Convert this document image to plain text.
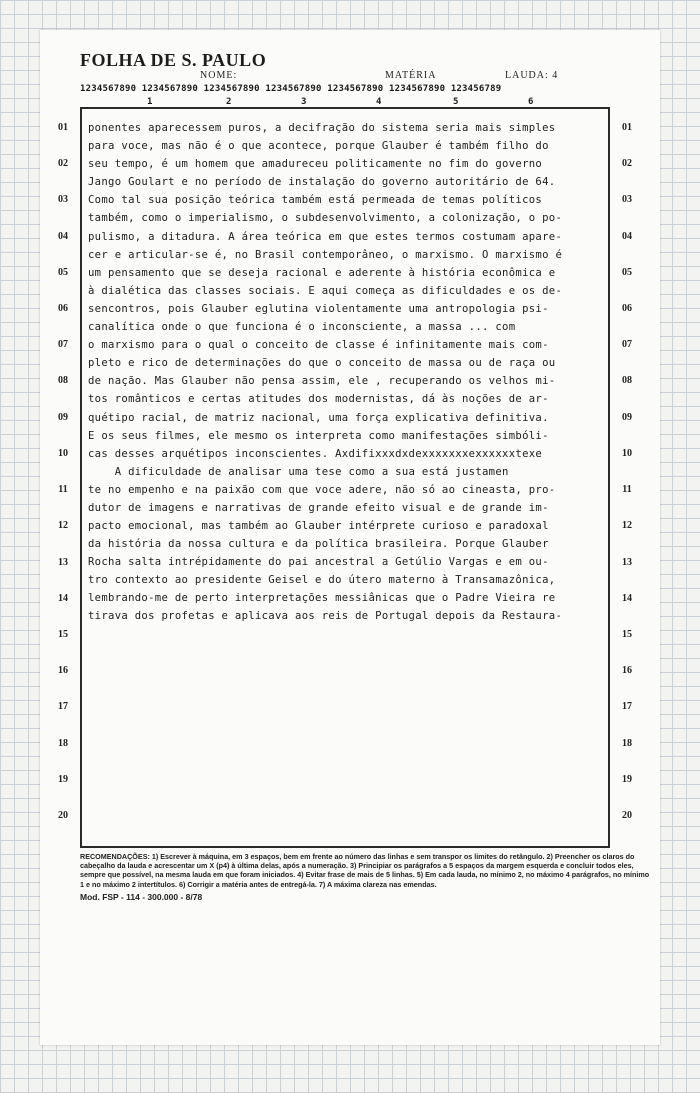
FOLHA DE S. PAULO
NOME:	MATÉRIA	LAUDA: 4
1234567890 1234567890 1234567890 1234567890 1234567890 1234567890 123456789
1	2	3	4	5	6
01
02
03
04
05
06
07
08
09
10
11
12
13
14
15
16
17
18
19
20
01
02
03
04
05
06
07
08
09
10
11
12
13
14
15
16
17
18
19
20
ponentes aparecessem puros, a decifração do sistema seria mais simples
para voce, mas não é o que acontece, porque Glauber é também filho do
seu tempo, é um homem que amadureceu politicamente no fim do governo
Jango Goulart e no período de instalação do governo autoritário de 64.
Como tal sua posição teórica também está permeada de temas políticos
também, como o imperialismo, o subdesenvolvimento, a colonização, o po-
pulismo, a ditadura. A área teórica em que estes termos costumam apare-
cer e articular-se é, no Brasil contemporâneo, o marxismo. O marxismo é
um pensamento que se deseja racional e aderente à história econômica e
à dialética das classes sociais. E aqui começa as dificuldades e os de-
sencontros, pois Glauber eglutina violentamente uma antropologia psi-
canalítica onde o que funciona é o inconsciente, a massa ... com
o marxismo para o qual o conceito de classe é infinitamente mais com-
pleto e rico de determinações do que o conceito de massa ou de raça ou
de nação. Mas Glauber não pensa assim, ele , recuperando os velhos mi-
tos românticos e certas atitudes dos modernistas, dá às noções de ar-
quétipo racial, de matriz nacional, uma força explicativa definitiva.
E os seus filmes, ele mesmo os interpreta como manifestações simbóli-
cas desses arquétipos inconscientes. Axdifixxxdxdexxxxxxxexxxxxxtexe
A dificuldade de analisar uma tese como a sua está justamen
te no empenho e na paixão com que voce adere, não só ao cineasta, pro-
dutor de imagens e narrativas de grande efeito visual e de grande im-
pacto emocional, mas também ao Glauber intérprete curioso e paradoxal
da história da nossa cultura e da política brasileira. Porque Glauber
Rocha salta intrépidamente do pai ancestral a Getúlio Vargas e em ou-
tro contexto ao presidente Geisel e do útero materno à Transamazônica,
lembrando-me de perto interpretações messiânicas que o Padre Vieira re
tirava dos profetas e aplicava aos reis de Portugal depois da Restaura-

RECOMENDAÇÕES: 1) Escrever à máquina, em 3 espaços, bem em frente ao número das linhas e sem transpor os limites do retângulo. 2) Preencher os claros do cabeçalho da lauda e acrescentar um X (p4) à última delas, após a numeração. 3) Principiar os parágrafos a 5 espaços da margem esquerda e concluir todos eles, sempre que possível, na mesma lauda em que foram iniciados. 4) Evitar frase de mais de 5 linhas. 5) Em cada lauda, no mínimo 2, no máximo 4 parágrafos, no mínimo 1 e no máximo 2 intertítulos. 6) Corrigir a matéria antes de entregá-la. 7) A máxima clareza nas emendas.

Mod. FSP - 114 - 300.000 - 8/78
